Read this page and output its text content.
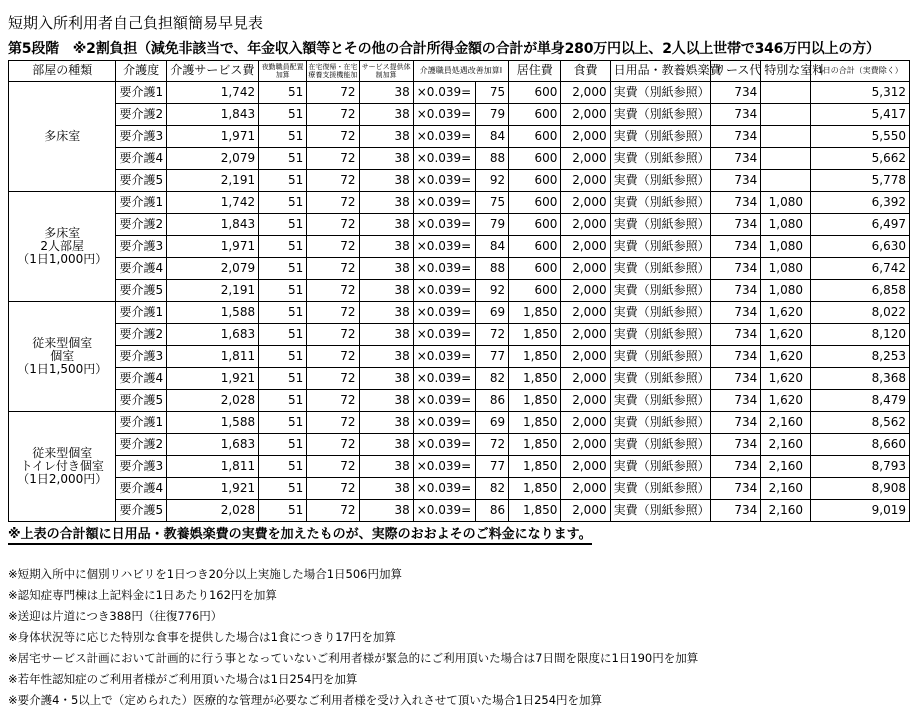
短期入所利用者自己負担額簡易早見表
第5段階　※2割負担（減免非該当で、年金収入額等とその他の合計所得金額の合計が単身280万円以上、2人以上世帯で346万円以上の方）
部屋の種類	介護度	介護サービス費	夜勤職員配置加算	在宅復帰・在宅療養支援機能加	サービス提供体制加算	介護職員処遇改善加算Ⅰ		居住費	食費	日用品・教養娯楽費	リース代	特別な室料	1日の合計（実費除く）

多床室	要介護1	1,742	51	72	38	×0.039=	75	600	2,000	実費（別紙参照）	734		5,312
	要介護2	1,843	51	72	38	×0.039=	79	600	2,000	実費（別紙参照）	734		5,417
	要介護3	1,971	51	72	38	×0.039=	84	600	2,000	実費（別紙参照）	734		5,550
	要介護4	2,079	51	72	38	×0.039=	88	600	2,000	実費（別紙参照）	734		5,662
	要介護5	2,191	51	72	38	×0.039=	92	600	2,000	実費（別紙参照）	734		5,778

多床室
2人部屋
（1日1,000円）	要介護1	1,742	51	72	38	×0.039=	75	600	2,000	実費（別紙参照）	734	1,080	6,392
	要介護2	1,843	51	72	38	×0.039=	79	600	2,000	実費（別紙参照）	734	1,080	6,497
	要介護3	1,971	51	72	38	×0.039=	84	600	2,000	実費（別紙参照）	734	1,080	6,630
	要介護4	2,079	51	72	38	×0.039=	88	600	2,000	実費（別紙参照）	734	1,080	6,742
	要介護5	2,191	51	72	38	×0.039=	92	600	2,000	実費（別紙参照）	734	1,080	6,858

従来型個室
個室
（1日1,500円）	要介護1	1,588	51	72	38	×0.039=	69	1,850	2,000	実費（別紙参照）	734	1,620	8,022
	要介護2	1,683	51	72	38	×0.039=	72	1,850	2,000	実費（別紙参照）	734	1,620	8,120
	要介護3	1,811	51	72	38	×0.039=	77	1,850	2,000	実費（別紙参照）	734	1,620	8,253
	要介護4	1,921	51	72	38	×0.039=	82	1,850	2,000	実費（別紙参照）	734	1,620	8,368
	要介護5	2,028	51	72	38	×0.039=	86	1,850	2,000	実費（別紙参照）	734	1,620	8,479

従来型個室
トイレ付き個室
（1日2,000円）	要介護1	1,588	51	72	38	×0.039=	69	1,850	2,000	実費（別紙参照）	734	2,160	8,562
	要介護2	1,683	51	72	38	×0.039=	72	1,850	2,000	実費（別紙参照）	734	2,160	8,660
	要介護3	1,811	51	72	38	×0.039=	77	1,850	2,000	実費（別紙参照）	734	2,160	8,793
	要介護4	1,921	51	72	38	×0.039=	82	1,850	2,000	実費（別紙参照）	734	2,160	8,908
	要介護5	2,028	51	72	38	×0.039=	86	1,850	2,000	実費（別紙参照）	734	2,160	9,019
※上表の合計額に日用品・教養娯楽費の実費を加えたものが、実際のおおよそのご料金になります。
※短期入所中に個別リハビリを1日つき20分以上実施した場合1日506円加算
※認知症専門棟は上記料金に1日あたり162円を加算
※送迎は片道につき388円（往復776円）
※身体状況等に応じた特別な食事を提供した場合は1食につきり17円を加算
※居宅サービス計画において計画的に行う事となっていないご利用者様が緊急的にご利用頂いた場合は7日間を限度に1日190円を加算
※若年性認知症のご利用者様がご利用頂いた場合は1日254円を加算
※要介護4・5以上で（定められた）医療的な管理が必要なご利用者様を受け入れさせて頂いた場合1日254円を加算
